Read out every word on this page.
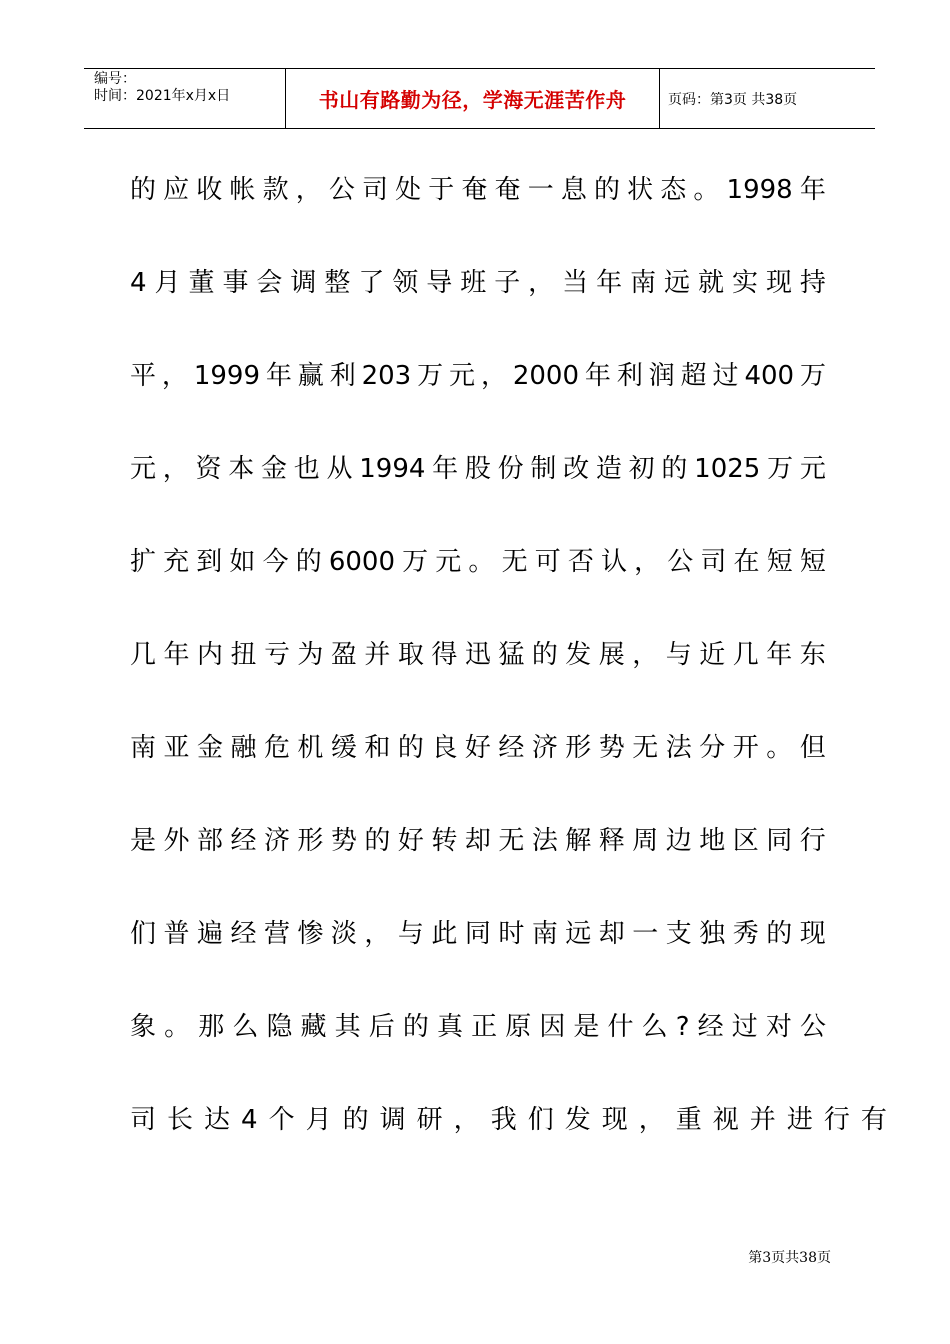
编号：
时间：2021年x月x日	书山有路勤为径，学海无涯苦作舟	页码：第3页 共38页
的 应 收 帐 款 ， 公 司 处 于 奄 奄 一 息 的 状 态 。 1998 年
4 月 董 事 会 调 整 了 领 导 班 子 ， 当 年 南 远 就 实 现 持
平 ， 1999 年 赢 利 203 万 元 ， 2000 年 利 润 超 过 400 万
元 ， 资 本 金 也 从 1994 年 股 份 制 改 造 初 的 1025 万 元
扩 充 到 如 今 的 6000 万 元 。 无 可 否 认 ， 公 司 在 短 短
几 年 内 扭 亏 为 盈 并 取 得 迅 猛 的 发 展 ， 与 近 几 年 东
南 亚 金 融 危 机 缓 和 的 良 好 经 济 形 势 无 法 分 开 。 但
是 外 部 经 济 形 势 的 好 转 却 无 法 解 释 周 边 地 区 同 行
们 普 遍 经 营 惨 淡 ， 与 此 同 时 南 远 却 一 支 独 秀 的 现
象 。 那 么 隐 藏 其 后 的 真 正 原 因 是 什 么 ? 经 过 对 公
司 长 达 4 个 月 的 调 研 ， 我 们 发 现 ， 重 视 并 进 行 有
第3页共38页
